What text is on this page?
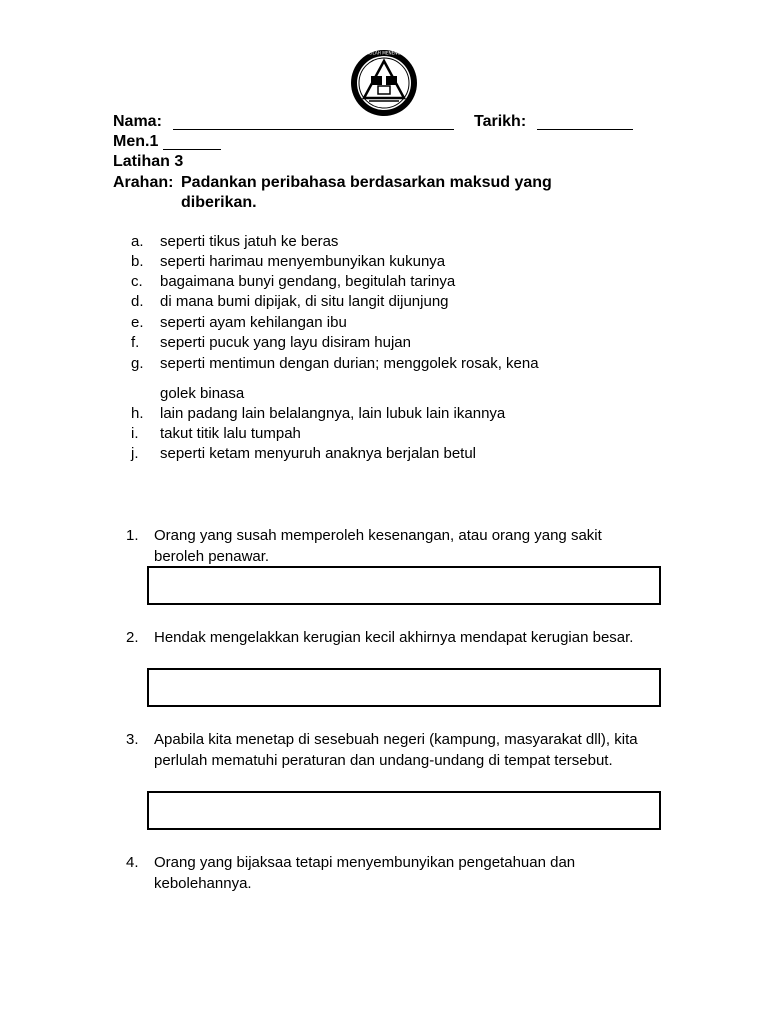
SEKOLAH MENENGAH
Nama:	Tarikh:
Men.1
Latihan 3
Arahan: Padankan peribahasa berdasarkan maksud yang
diberikan.
a. seperti tikus jatuh ke beras
b. seperti harimau menyembunyikan kukunya
c. bagaimana bunyi gendang, begitulah tarinya
d. di mana bumi dipijak, di situ langit dijunjung
e. seperti ayam kehilangan ibu
f. seperti pucuk yang layu disiram hujan
g. seperti mentimun dengan durian; menggolek rosak, kena
golek binasa
h. lain padang lain belalangnya, lain lubuk lain ikannya
i. takut titik lalu tumpah
j. seperti ketam menyuruh anaknya berjalan betul
1. Orang yang susah memperoleh kesenangan, atau orang yang sakit beroleh penawar.
2. Hendak mengelakkan kerugian kecil akhirnya mendapat kerugian besar.
3. Apabila kita menetap di sesebuah negeri (kampung, masyarakat dll), kita perlulah mematuhi peraturan dan undang-undang di tempat tersebut.
4. Orang yang bijaksaa tetapi menyembunyikan pengetahuan dan kebolehannya.
